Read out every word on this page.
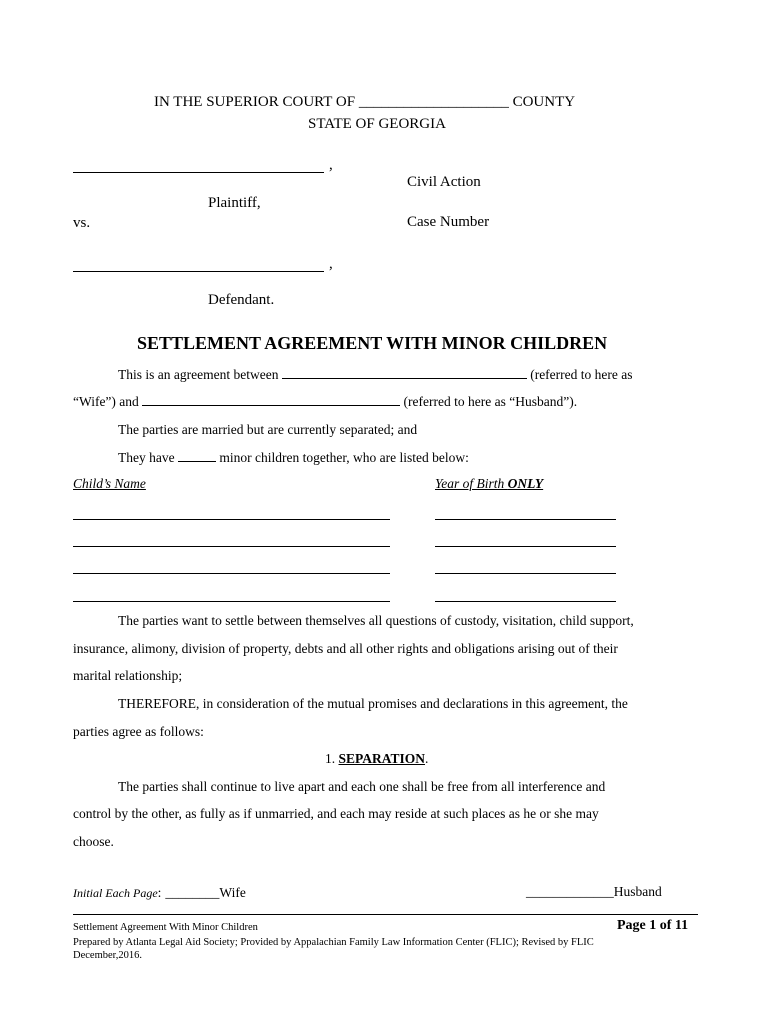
IN THE SUPERIOR COURT OF ____________________ COUNTY
STATE OF GEORGIA
,
Civil Action
Plaintiff,
vs.	Case Number
,
Defendant.
SETTLEMENT AGREEMENT WITH MINOR CHILDREN
This is an agreement between	(referred to here as
“Wife”) and	(referred to here as “Husband”).
The parties are married but are currently separated; and
They have	minor children together, who are listed below:
Child’s Name	Year of Birth ONLY
The parties want to settle between themselves all questions of custody, visitation, child support,
insurance, alimony, division of property, debts and all other rights and obligations arising out of their
marital relationship;
THEREFORE, in consideration of the mutual promises and declarations in this agreement, the
parties agree as follows:
1. SEPARATION.
The parties shall continue to live apart and each one shall be free from all interference and
control by the other, as fully as if unmarried, and each may reside at such places as he or she may
choose.
Initial Each Page: ________Wife	_____________Husband
Settlement Agreement With Minor Children	Page 1 of 11
Prepared by Atlanta Legal Aid Society; Provided by Appalachian Family Law Information Center (FLIC); Revised by FLIC
December,2016.
